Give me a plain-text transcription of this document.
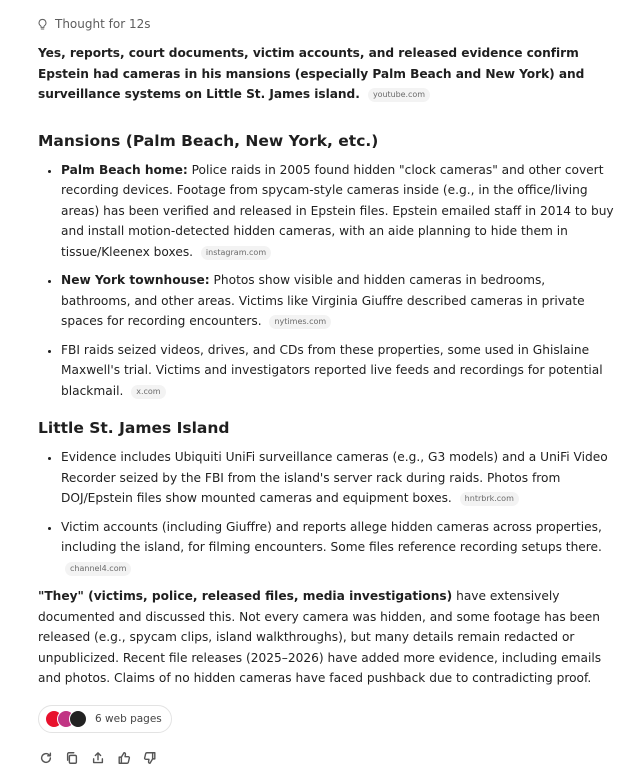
Thought for 12s
Yes, reports, court documents, victim accounts, and released evidence confirm Epstein had cameras in his mansions (especially Palm Beach and New York) and surveillance systems on Little St. James island. youtube.com
Mansions (Palm Beach, New York, etc.)
• Palm Beach home: Police raids in 2005 found hidden "clock cameras" and other covert recording devices. Footage from spycam-style cameras inside (e.g., in the office/living areas) has been verified and released in Epstein files. Epstein emailed staff in 2014 to buy and install motion-detected hidden cameras, with an aide planning to hide them in tissue/Kleenex boxes. instagram.com
• New York townhouse: Photos show visible and hidden cameras in bedrooms, bathrooms, and other areas. Victims like Virginia Giuffre described cameras in private spaces for recording encounters. nytimes.com
• FBI raids seized videos, drives, and CDs from these properties, some used in Ghislaine Maxwell's trial. Victims and investigators reported live feeds and recordings for potential blackmail. x.com
Little St. James Island
• Evidence includes Ubiquiti UniFi surveillance cameras (e.g., G3 models) and a UniFi Video Recorder seized by the FBI from the island's server rack during raids. Photos from DOJ/Epstein files show mounted cameras and equipment boxes. hntrbrk.com
• Victim accounts (including Giuffre) and reports allege hidden cameras across properties, including the island, for filming encounters. Some files reference recording setups there. channel4.com
"They" (victims, police, released files, media investigations) have extensively documented and discussed this. Not every camera was hidden, and some footage has been released (e.g., spycam clips, island walkthroughs), but many details remain redacted or unpublicized. Recent file releases (2025–2026) have added more evidence, including emails and photos. Claims of no hidden cameras have faced pushback due to contradicting proof.
6 web pages
